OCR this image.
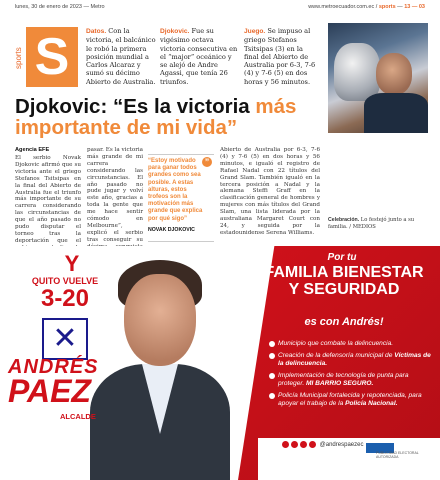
lunes, 30 de enero de 2023 — Metro	www.metroecuador.com.ec / sports — 13 — 03
sports S	Datos. Con la victoria, el balcánico le robó la primera posición mundial a Carlos Alcaraz y sumó su décimo Abierto de Australia.
Djokovic. Fue su vigésimo octava victoria consecutiva en el “major” oceánico y se alejó de Andre Agassi, que tenía 26 triunfos.
Juego. Se impuso al griego Stefanos Tsitsipas (3) en la final del Abierto de Australia por 6-3, 7-6 (4) y 7-6 (5) en dos horas y 56 minutos.
Djokovic: “Es la victoria más
importante de mi vida”
Agencia EFE
El serbio Novak Djokovic afirmó que su victoria ante el griego Stefanos Tsitsipas en la final del Abierto de Australia fue el triunfo más importante de su carrera considerando las circunstancias de que el año pasado no pudo disputar el torneo tras la deportación que el
pasar. Es la victoria más grande de mi carrera considerando las circunstancias. El año pasado no pude jugar y volví este año, gracias a toda la gente que me hace sentir cómodo en Melbourne”, explicó el serbio tras conseguir su
”
“Estoy motivado para ganar todos grandes como sea posible. A estas alturas, estos trofeos son la motivación más grande que explica por qué sigo”
NOVAK DJOKOVIC
Abierto de Australia por 6-3, 7-6 (4) y 7-6 (5) en dos horas y 56 minutos, e igualó el registro de Rafael Nadal con 22 títulos del Grand Slam. También igualó en la tercera posición a Nadal y la alemana Steffi Graff en la clasificación general de hombres y mujeres con más títulos del Grand Slam, una lista liderada por la australiana Margaret Court con 24, y seguida por la estadounidense Serena Williams.
Celebración. Lo festejó junto a su familia. / MEDIOS
Y
QUITO VUELVE
3-20
✕
ANDRÉS
PAEZ
ALCALDE
Por tu
FAMILIA BIENESTAR Y SEGURIDAD
es con Andrés!
Municipio que combate la delincuencia.
Creación de la defensoría municipal de Víctimas de la delincuencia.
Implementación de tecnología de punta para proteger. MI BARRIO SEGURO.
Policía Municipal fortalecida y repotenciada, para apoyar el trabajo de la Policía Nacional.
@andrespaezec
PUBLICIDAD ELECTORAL AUTORIZADA
